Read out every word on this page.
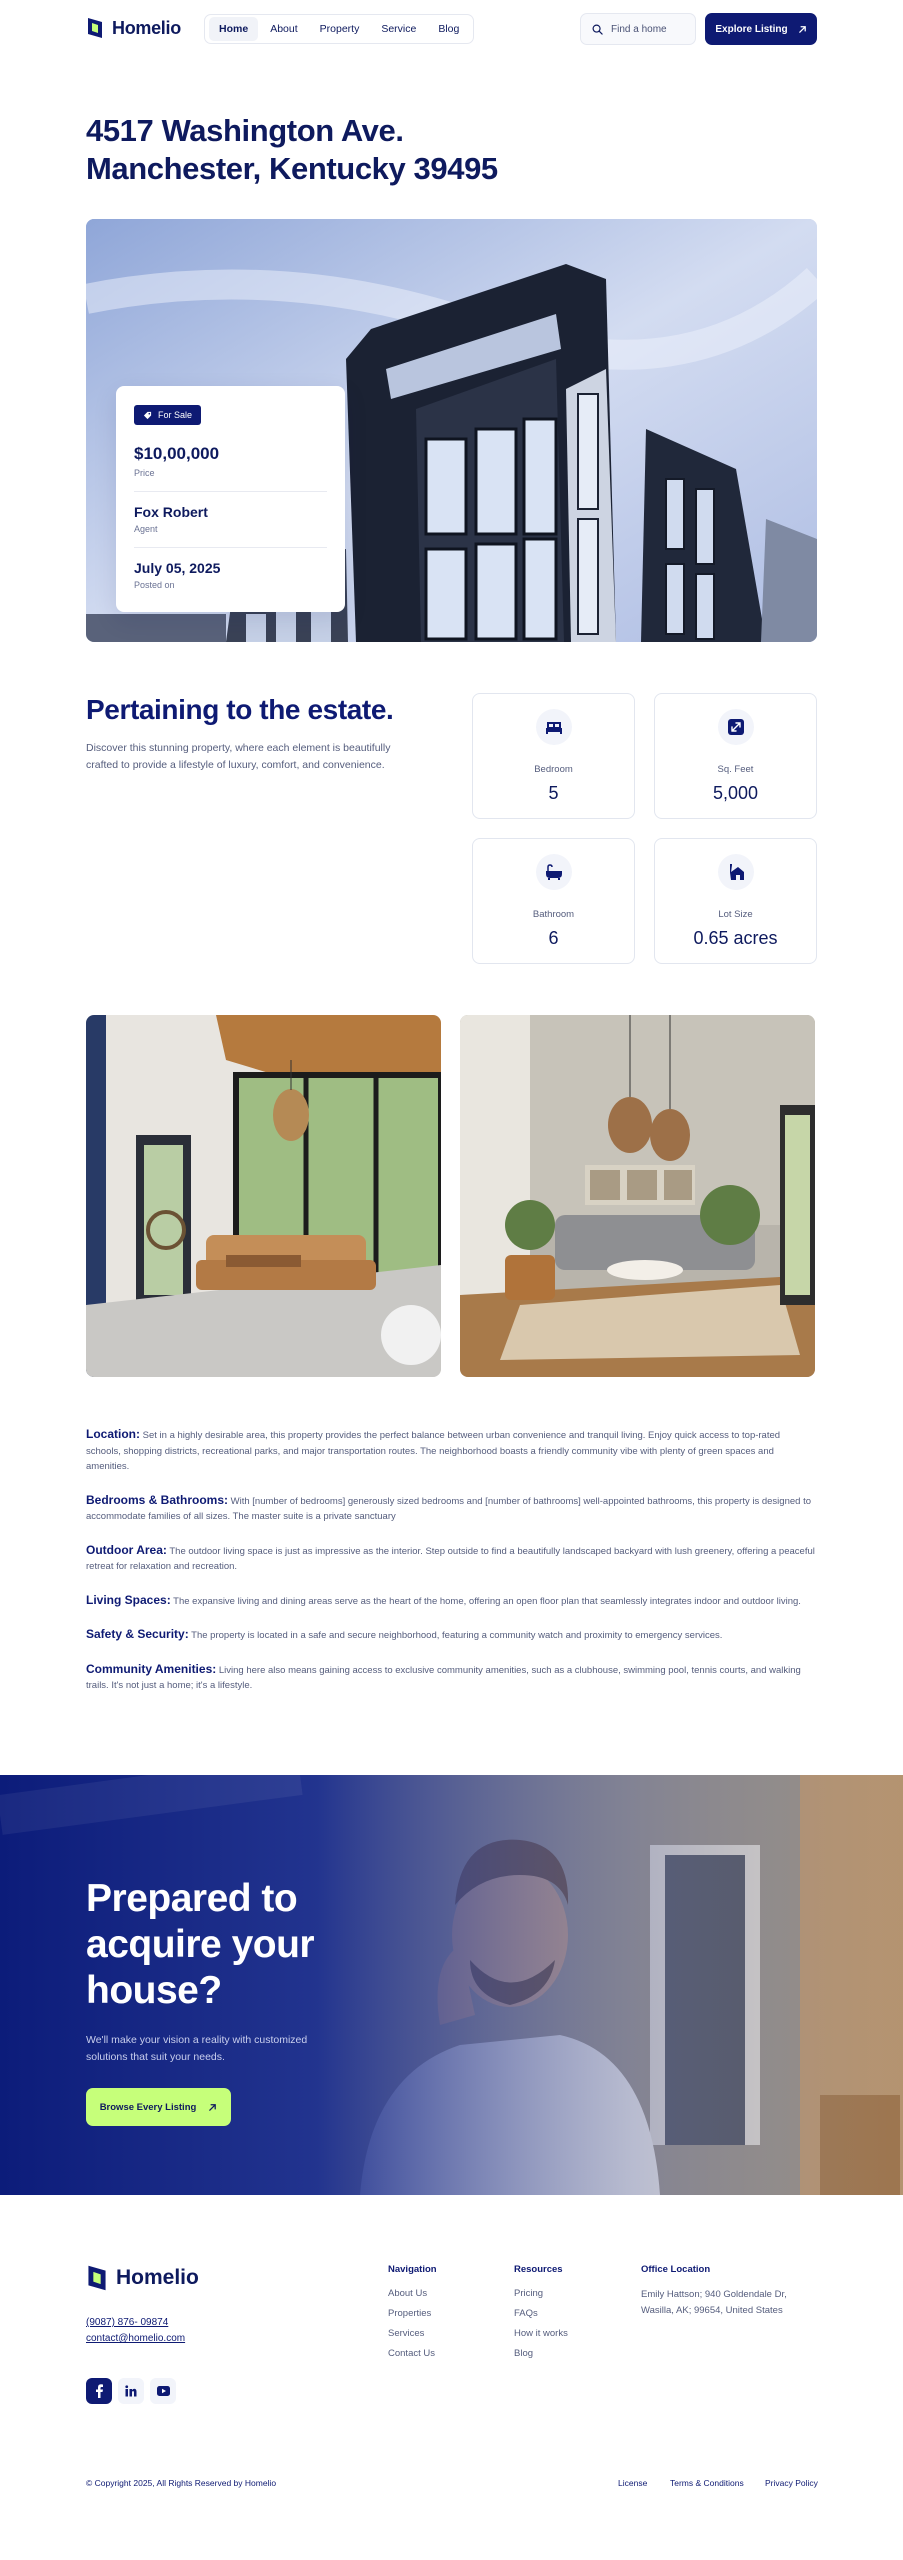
Homelio	Home	About	Property	Service	Blog	Find a home	Explore Listing
4517 Washington Ave.
Manchester, Kentucky 39495
For Sale
$10,00,000
Price
Fox Robert
Agent
July 05, 2025
Posted on
Pertaining to the estate.

Discover this stunning property, where each element is beautifully crafted to provide a lifestyle of luxury, comfort, and convenience.	Bedroom
5
Sq. Feet
5,000
Bathroom
6
Lot Size
0.65 acres

Location: Set in a highly desirable area, this property provides the perfect balance between urban convenience and tranquil living. Enjoy quick access to top-rated schools, shopping districts, recreational parks, and major transportation routes. The neighborhood boasts a friendly community vibe with plenty of green spaces and amenities.

Bedrooms & Bathrooms: With [number of bedrooms] generously sized bedrooms and [number of bathrooms] well-appointed bathrooms, this property is designed to accommodate families of all sizes. The master suite is a private sanctuary

Outdoor Area: The outdoor living space is just as impressive as the interior. Step outside to find a beautifully landscaped backyard with lush greenery, offering a peaceful retreat for relaxation and recreation.

Living Spaces: The expansive living and dining areas serve as the heart of the home, offering an open floor plan that seamlessly integrates indoor and outdoor living.

Safety & Security: The property is located in a safe and secure neighborhood, featuring a community watch and proximity to emergency services.

Community Amenities: Living here also means gaining access to exclusive community amenities, such as a clubhouse, swimming pool, tennis courts, and walking trails. It's not just a home; it's a lifestyle.

Prepared to
acquire your
house?

We'll make your vision a reality with customized solutions that suit your needs.

Browse Every Listing
Homelio
(9087) 876- 09874
contact@homelio.com
Navigation
About Us
Properties
Services
Contact Us
Resources
Pricing
FAQs
How it works
Blog
Office Location

Emily Hattson; 940 Goldendale Dr, Wasilla, AK; 99654, United States

© Copyright 2025, All Rights Reserved by Homelio	License	Terms & Conditions	Privacy Policy
